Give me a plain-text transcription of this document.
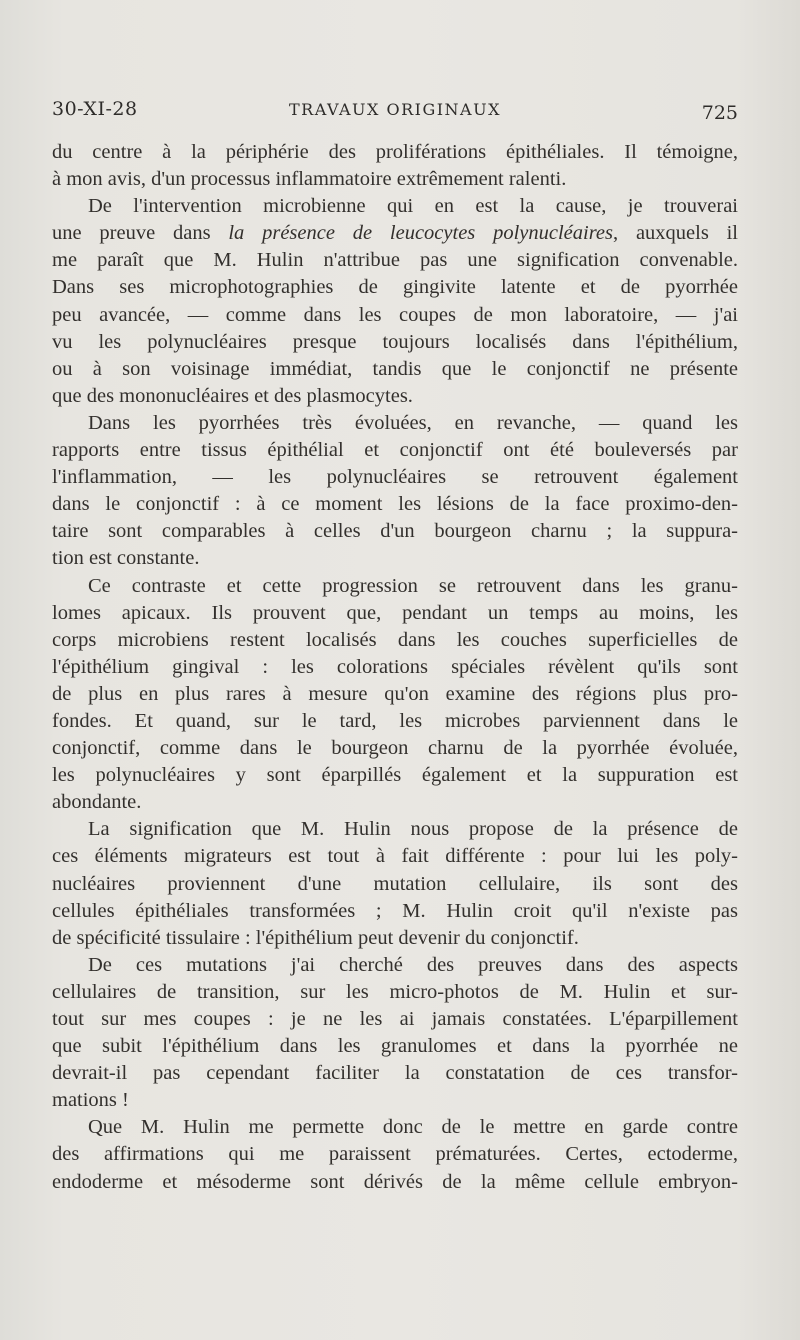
30-XI-28	TRAVAUX ORIGINAUX	725
du centre à la périphérie des proliférations épithéliales. Il témoigne,
à mon avis, d'un processus inflammatoire extrêmement ralenti.
De l'intervention microbienne qui en est la cause, je trouverai
une preuve dans la présence de leucocytes polynucléaires, auxquels il
me paraît que M. Hulin n'attribue pas une signification convenable.
Dans ses microphotographies de gingivite latente et de pyorrhée
peu avancée, — comme dans les coupes de mon laboratoire, — j'ai
vu les polynucléaires presque toujours localisés dans l'épithélium,
ou à son voisinage immédiat, tandis que le conjonctif ne présente
que des mononucléaires et des plasmocytes.
Dans les pyorrhées très évoluées, en revanche, — quand les
rapports entre tissus épithélial et conjonctif ont été bouleversés par
l'inflammation, — les polynucléaires se retrouvent également
dans le conjonctif : à ce moment les lésions de la face proximo-den-
taire sont comparables à celles d'un bourgeon charnu ; la suppura-
tion est constante.
Ce contraste et cette progression se retrouvent dans les granu-
lomes apicaux. Ils prouvent que, pendant un temps au moins, les
corps microbiens restent localisés dans les couches superficielles de
l'épithélium gingival : les colorations spéciales révèlent qu'ils sont
de plus en plus rares à mesure qu'on examine des régions plus pro-
fondes. Et quand, sur le tard, les microbes parviennent dans le
conjonctif, comme dans le bourgeon charnu de la pyorrhée évoluée,
les polynucléaires y sont éparpillés également et la suppuration est
abondante.
La signification que M. Hulin nous propose de la présence de
ces éléments migrateurs est tout à fait différente : pour lui les poly-
nucléaires proviennent d'une mutation cellulaire, ils sont des
cellules épithéliales transformées ; M. Hulin croit qu'il n'existe pas
de spécificité tissulaire : l'épithélium peut devenir du conjonctif.
De ces mutations j'ai cherché des preuves dans des aspects
cellulaires de transition, sur les micro-photos de M. Hulin et sur-
tout sur mes coupes : je ne les ai jamais constatées. L'éparpillement
que subit l'épithélium dans les granulomes et dans la pyorrhée ne
devrait-il pas cependant faciliter la constatation de ces transfor-
mations !
Que M. Hulin me permette donc de le mettre en garde contre
des affirmations qui me paraissent prématurées. Certes, ectoderme,
endoderme et mésoderme sont dérivés de la même cellule embryon-
